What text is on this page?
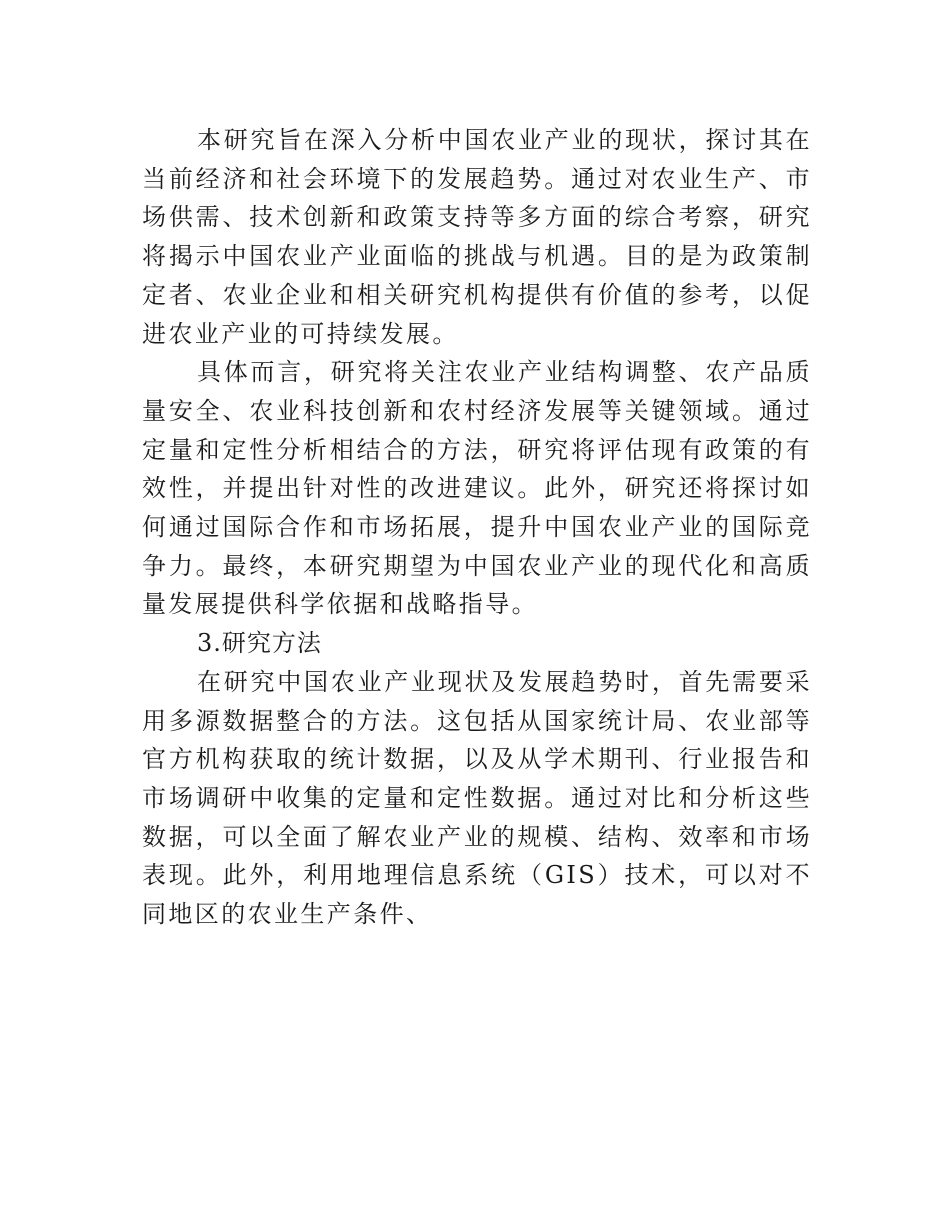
本研究旨在深入分析中国农业产业的现状，探讨其在当前经济和社会环境下的发展趋势。通过对农业生产、市场供需、技术创新和政策支持等多方面的综合考察，研究将揭示中国农业产业面临的挑战与机遇。目的是为政策制定者、农业企业和相关研究机构提供有价值的参考，以促进农业产业的可持续发展。

具体而言，研究将关注农业产业结构调整、农产品质量安全、农业科技创新和农村经济发展等关键领域。通过定量和定性分析相结合的方法，研究将评估现有政策的有效性，并提出针对性的改进建议。此外，研究还将探讨如何通过国际合作和市场拓展，提升中国农业产业的国际竞争力。最终，本研究期望为中国农业产业的现代化和高质量发展提供科学依据和战略指导。

3.研究方法

在研究中国农业产业现状及发展趋势时，首先需要采用多源数据整合的方法。这包括从国家统计局、农业部等官方机构获取的统计数据，以及从学术期刊、行业报告和市场调研中收集的定量和定性数据。通过对比和分析这些数据，可以全面了解农业产业的规模、结构、效率和市场表现。此外，利用地理信息系统（GIS）技术，可以对不同地区的农业生产条件、
